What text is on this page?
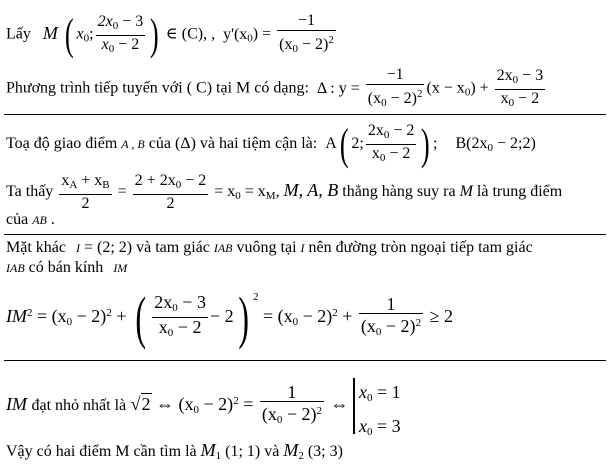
Lấy M ( $x_0$; $\frac{2x_0 - 3}{x_0 - 2}$ ) ∈ (C), , $y'(x_0) = \frac{-1}{(x_0 - 2)^2}$
Phương trình tiếp tuyến với ( C) tại M có dạng: Δ : $y = \frac{-1}{(x_0 - 2)^2} (x - x_0) + \frac{2x_0 - 3}{x_0 - 2}$
Toạ độ giao điểm A , B của (Δ) và hai tiệm cận là: A( 2; $\frac{2x_0 - 2}{x_0 - 2}$ ) ; $B(2x_0$ − 2;2)
Ta thấy $\frac{x_A + x_B}{2} = \frac{2 + 2x_0 - 2}{2} = x_0 = x_M$, M, A, B thẳng hàng suy ra M là trung điểm
của AB .
Mặt khác I = (2; 2) và tam giác IAB vuông tại I nên đường tròn ngoại tiếp tam giác
IAB có bán kính IM
$IM^2 = (x_0 - 2)^2$ + ( $\frac{2x_0 - 3}{x_0 - 2} - 2$) $^2 = (x_0 - 2)^2 + \frac{1}{(x_0 - 2)^2} \ge 2$
IM đạt nhỏ nhất là √2 ⇔ $(x_0 - 2)^2 = \frac{1}{(x_0 - 2)^2}$ ⇔
$x_0 = 1$
$x_0 = 3$
Vậy có hai điểm M cần tìm là $M_1$ (1; 1) và $M_2$ (3; 3)
